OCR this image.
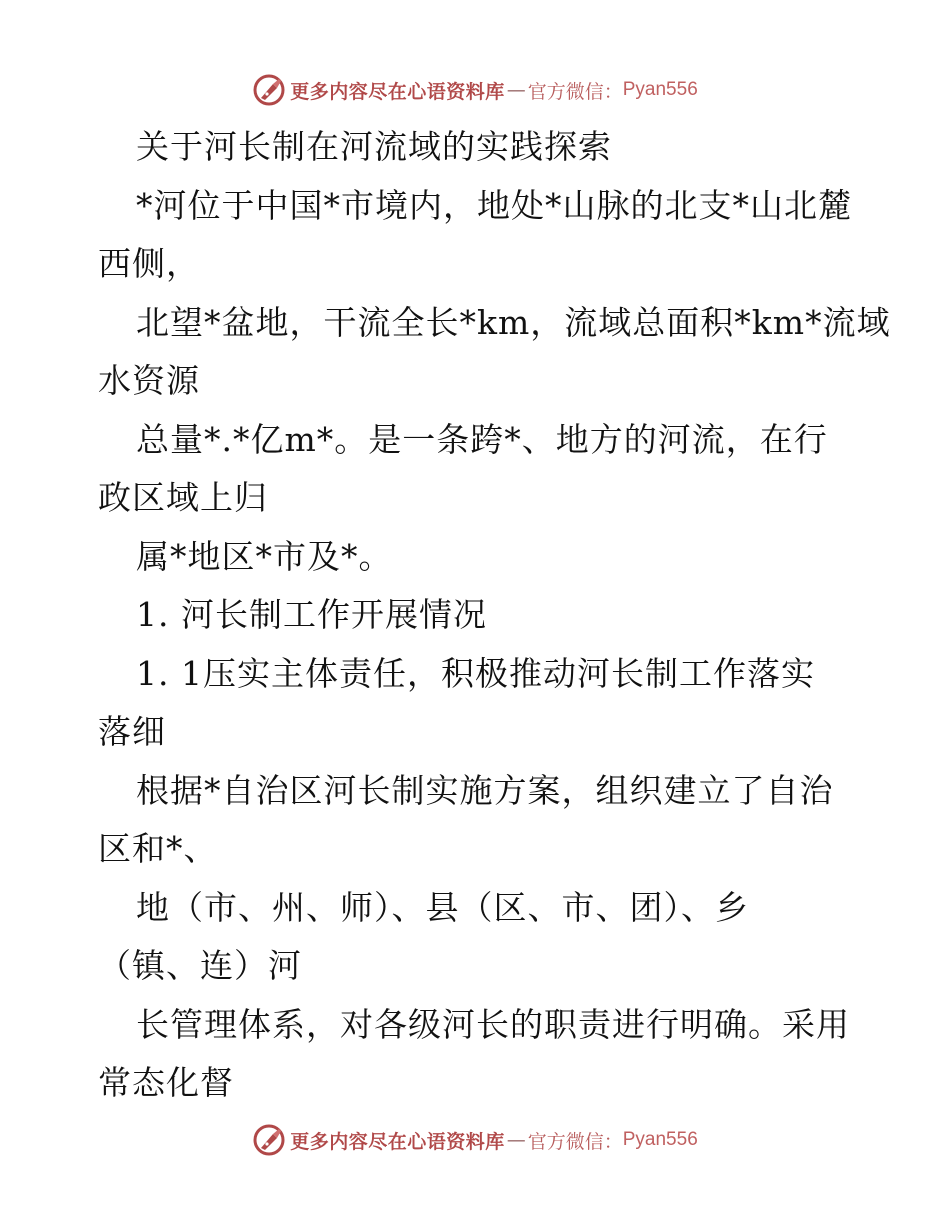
更多内容尽在心语资料库 — 官方微信： Pyan556
关于河长制在河流域的实践探索
*河位于中国*市境内，地处*山脉的北支*山北麓
西侧，
北望*盆地，干流全长*km，流域总面积*km*流域
水资源
总量*.*亿m*。是一条跨*、地方的河流，在行
政区域上归
属*地区*市及*。
1. 河长制工作开展情况
1. 1压实主体责任，积极推动河长制工作落实
落细
根据*自治区河长制实施方案，组织建立了自治
区和*、
地（市、州、师）、县（区、市、团）、乡
（镇、连）河
长管理体系，对各级河长的职责进行明确。采用
常态化督
更多内容尽在心语资料库 — 官方微信： Pyan556
